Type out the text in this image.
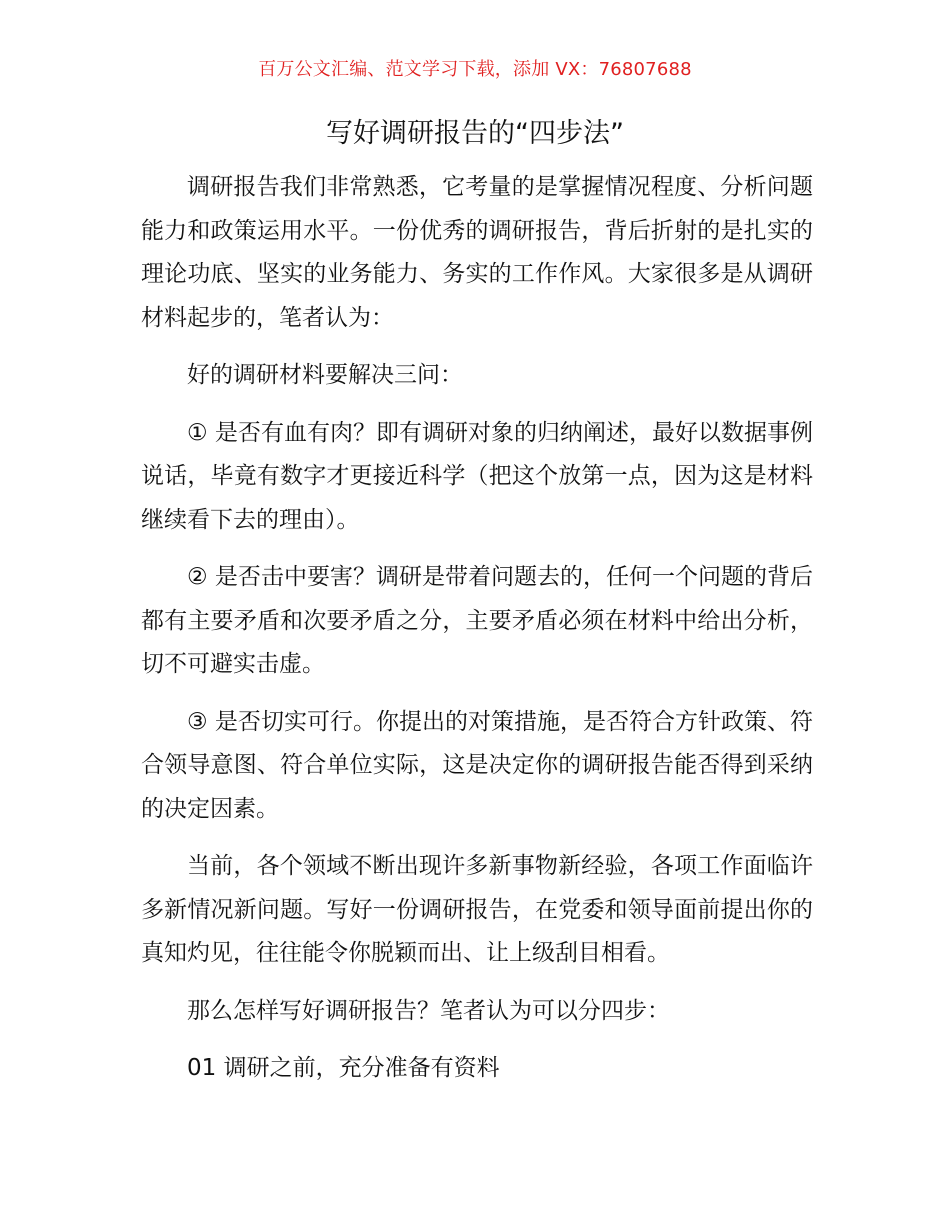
百万公文汇编、范文学习下载，添加 VX：76807688
写好调研报告的“四步法”

调研报告我们非常熟悉，它考量的是掌握情况程度、分析问题能力和政策运用水平。一份优秀的调研报告，背后折射的是扎实的理论功底、坚实的业务能力、务实的工作作风。大家很多是从调研材料起步的，笔者认为：

好的调研材料要解决三问：

① 是否有血有肉？即有调研对象的归纳阐述，最好以数据事例说话，毕竟有数字才更接近科学（把这个放第一点，因为这是材料继续看下去的理由）。

② 是否击中要害？调研是带着问题去的，任何一个问题的背后都有主要矛盾和次要矛盾之分，主要矛盾必须在材料中给出分析，切不可避实击虚。

③ 是否切实可行。你提出的对策措施，是否符合方针政策、符合领导意图、符合单位实际，这是决定你的调研报告能否得到采纳的决定因素。

当前，各个领域不断出现许多新事物新经验，各项工作面临许多新情况新问题。写好一份调研报告，在党委和领导面前提出你的真知灼见，往往能令你脱颖而出、让上级刮目相看。

那么怎样写好调研报告？笔者认为可以分四步：

01 调研之前，充分准备有资料
